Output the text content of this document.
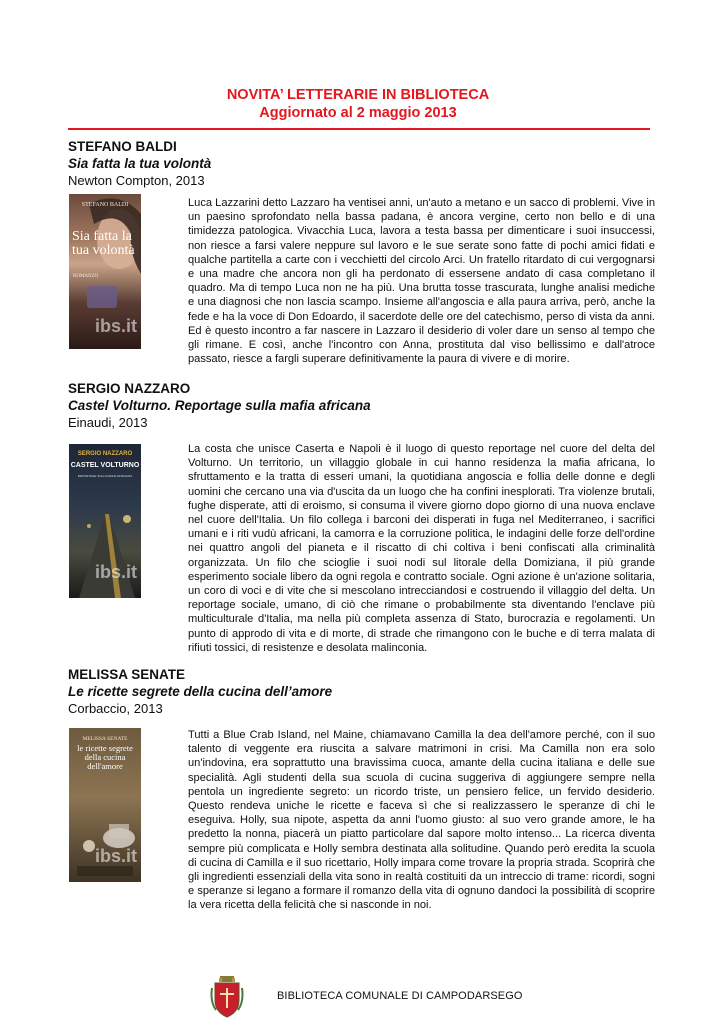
NOVITA’ LETTERARIE IN BIBLIOTECA
Aggiornato al 2 maggio 2013
STEFANO BALDI
Sia fatta la tua volontà
Newton Compton, 2013
STEFANO BALDI
Sia fatta la tua volontà
ROMANZO
ibs.it
Luca Lazzarini detto Lazzaro ha ventisei anni, un'auto a metano e un sacco di problemi. Vive in un paesino sprofondato nella bassa padana, è ancora vergine, certo non bello e di una timidezza patologica. Vivacchia Luca, lavora a testa bassa per dimenticare i suoi insuccessi, non riesce a farsi valere neppure sul lavoro e le sue serate sono fatte di pochi amici fidati e qualche partitella a carte con i vecchietti del circolo Arci. Un fratello ritardato di cui vergognarsi e una madre che ancora non gli ha perdonato di essersene andato di casa completano il quadro. Ma di tempo Luca non ne ha più. Una brutta tosse trascurata, lunghe analisi mediche e una diagnosi che non lascia scampo. Insieme all'angoscia e alla paura arriva, però, anche la fede e ha la voce di Don Edoardo, il sacerdote delle ore del catechismo, perso di vista da anni. Ed è questo incontro a far nascere in Lazzaro il desiderio di voler dare un senso al tempo che gli rimane. E così, anche l'incontro con Anna, prostituta dal viso bellissimo e dall'atroce passato, riesce a fargli superare definitivamente la paura di vivere e di morire.
SERGIO NAZZARO
Castel Volturno. Reportage sulla mafia africana
Einaudi, 2013
SERGIO NAZZARO
CASTEL VOLTURNO
REPORTAGE SULLA MAFIA AFRICANA
ibs.it
La costa che unisce Caserta e Napoli è il luogo di questo reportage nel cuore del delta del Volturno. Un territorio, un villaggio globale in cui hanno residenza la mafia africana, lo sfruttamento e la tratta di esseri umani, la quotidiana angoscia e follia delle donne e degli uomini che cercano una via d'uscita da un luogo che ha confini inesplorati. Tra violenze brutali, fughe disperate, atti di eroismo, si consuma il vivere giorno dopo giorno di una nuova enclave nel cuore dell'Italia. Un filo collega i barconi dei disperati in fuga nel Mediterraneo, i sacrifici umani e i riti vudù africani, la camorra e la corruzione politica, le indagini delle forze dell'ordine nei quattro angoli del pianeta e il riscatto di chi coltiva i beni confiscati alla criminalità organizzata. Un filo che scioglie i suoi nodi sul litorale della Domiziana, il più grande esperimento sociale libero da ogni regola e contratto sociale. Ogni azione è un'azione solitaria, un coro di voci e di vite che si mescolano intrecciandosi e costruendo il villaggio del delta. Un reportage sociale, umano, di ciò che rimane o probabilmente sta diventando l'enclave più multiculturale d'Italia, ma nella più completa assenza di Stato, burocrazia e regolamenti. Un punto di approdo di vita e di morte, di strade che rimangono con le buche e di terra malata di rifiuti tossici, di resistenze e desolata malinconia.
MELISSA SENATE
Le ricette segrete della cucina dell’amore
Corbaccio, 2013
MELISSA SENATE
le ricette segrete della cucina dell'amore
ibs.it
Tutti a Blue Crab Island, nel Maine, chiamavano Camilla la dea dell'amore perché, con il suo talento di veggente era riuscita a salvare matrimoni in crisi. Ma Camilla non era solo un'indovina, era soprattutto una bravissima cuoca, amante della cucina italiana e delle sue specialità. Agli studenti della sua scuola di cucina suggeriva di aggiungere sempre nella pentola un ingrediente segreto: un ricordo triste, un pensiero felice, un fervido desiderio. Questo rendeva uniche le ricette e faceva sì che si realizzassero le speranze di chi le eseguiva. Holly, sua nipote, aspetta da anni l'uomo giusto: al suo vero grande amore, le ha predetto la nonna, piacerà un piatto particolare dal sapore molto intenso... La ricerca diventa sempre più complicata e Holly sembra destinata alla solitudine. Quando però eredita la scuola di cucina di Camilla e il suo ricettario, Holly impara come trovare la propria strada. Scoprirà che gli ingredienti essenziali della vita sono in realtà costituiti da un intreccio di trame: ricordi, sogni e speranze si legano a formare il romanzo della vita di ognuno dandoci la possibilità di scoprire la vera ricetta della felicità che si nasconde in noi.
BIBLIOTECA COMUNALE DI CAMPODARSEGO
